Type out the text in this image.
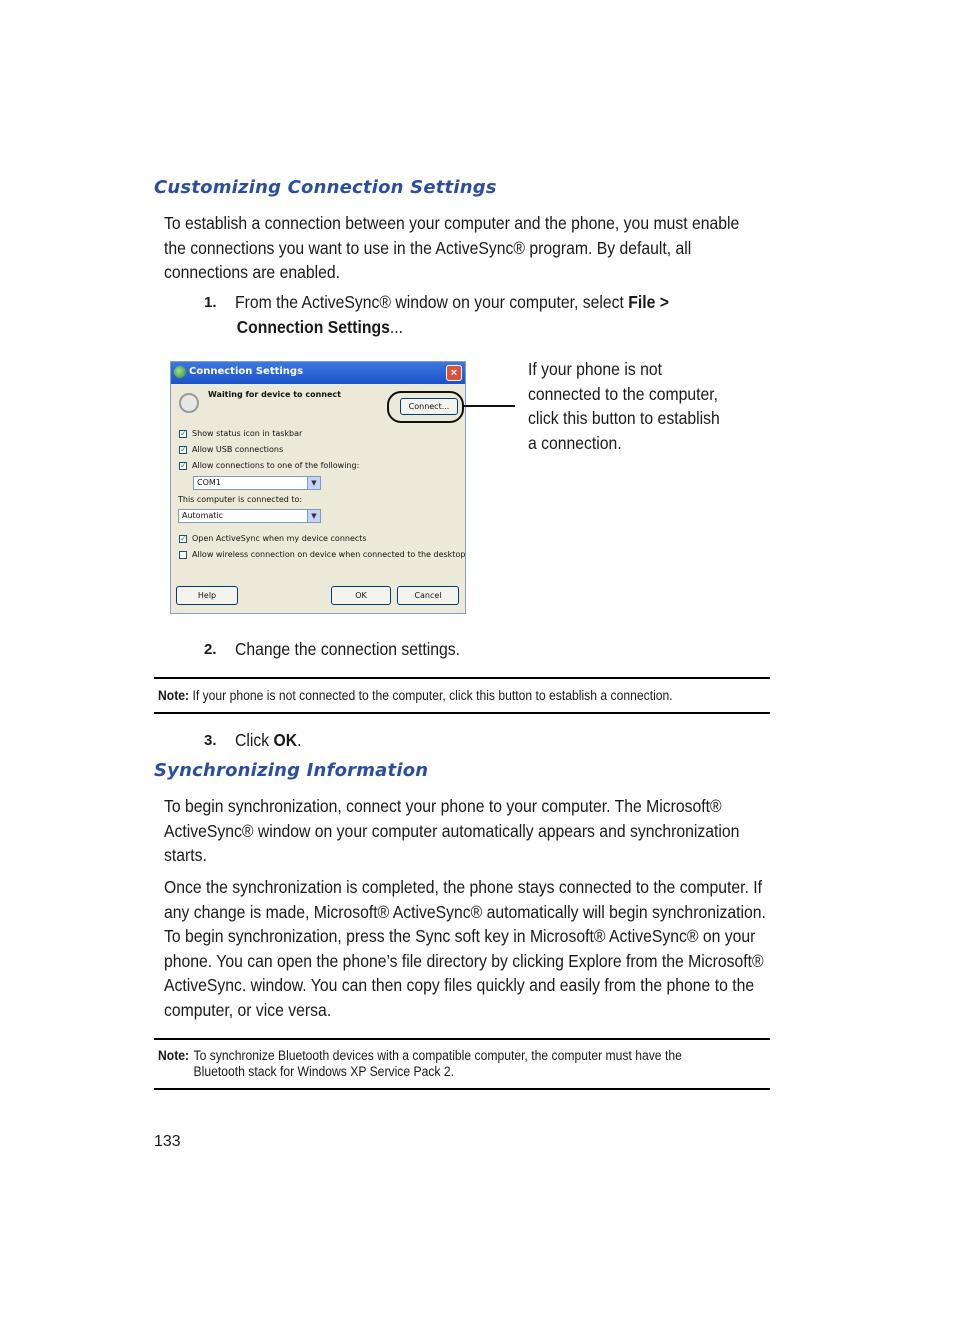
Customizing Connection Settings
To establish a connection between your computer and the phone, you must enable the connections you want to use in the ActiveSync® program. By default, all connections are enabled.
1. From the ActiveSync® window on your computer, select File >
Connection Settings...
Connection Settings	×
Waiting for device to connect
Connect...
✓ Show status icon in taskbar
✓ Allow USB connections
✓ Allow connections to one of the following:
COM1	▼
This computer is connected to:
Automatic	▼
✓ Open ActiveSync when my device connects
Allow wireless connection on device when connected to the desktop
Help	OK	Cancel
If your phone is not connected to the computer, click this button to establish a connection.
2. Change the connection settings.
Note: If your phone is not connected to the computer, click this button to establish a connection.
3. Click OK.
Synchronizing Information
To begin synchronization, connect your phone to your computer. The Microsoft® ActiveSync® window on your computer automatically appears and synchronization starts.
Once the synchronization is completed, the phone stays connected to the computer. If any change is made, Microsoft® ActiveSync® automatically will begin synchronization. To begin synchronization, press the Sync soft key in Microsoft® ActiveSync® on your phone. You can open the phone’s file directory by clicking Explore from the Microsoft® ActiveSync. window. You can then copy files quickly and easily from the phone to the computer, or vice versa.
Note: To synchronize Bluetooth devices with a compatible computer, the computer must have the Bluetooth stack for Windows XP Service Pack 2.
133
